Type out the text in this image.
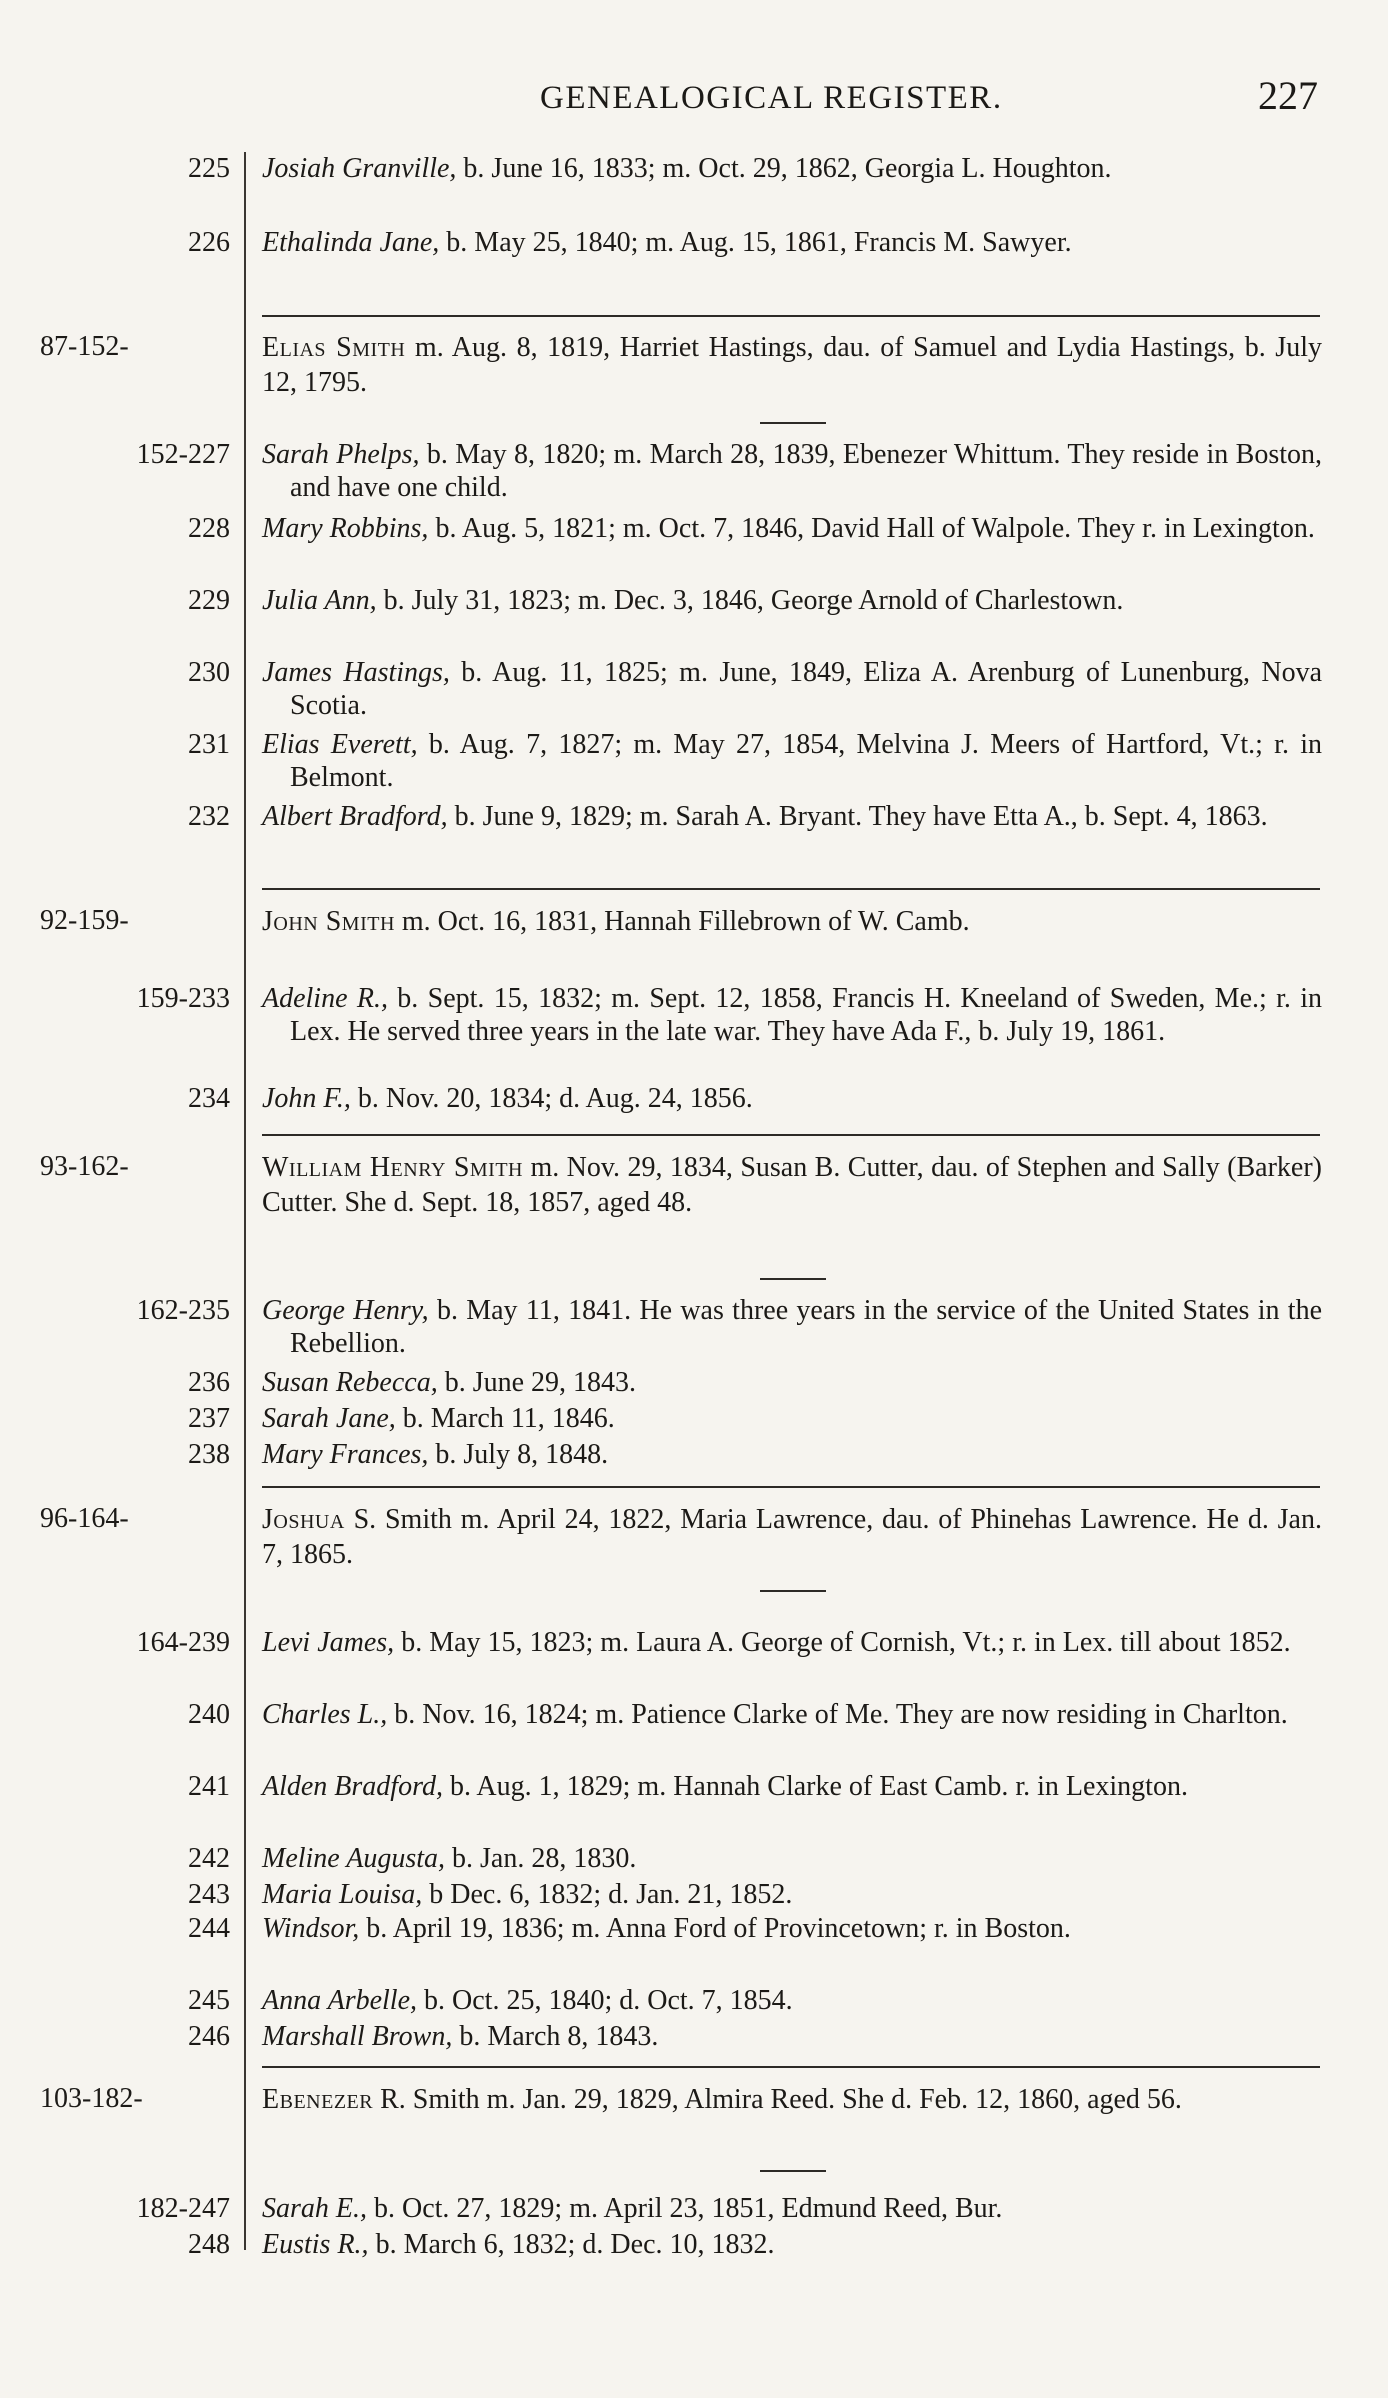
GENEALOGICAL REGISTER.	227
225 Josiah Granville, b. June 16, 1833; m. Oct. 29, 1862, Georgia L. Houghton.

226 Ethalinda Jane, b. May 25, 1840; m. Aug. 15, 1861, Francis M. Sawyer.

87-152-	Elias Smith m. Aug. 8, 1819, Harriet Hastings, dau. of Samuel and Lydia Hastings, b. July 12, 1795.

152-227 Sarah Phelps, b. May 8, 1820; m. March 28, 1839, Ebenezer Whittum. They reside in Boston, and have one child.

228 Mary Robbins, b. Aug. 5, 1821; m. Oct. 7, 1846, David Hall of Walpole. They r. in Lexington.

229 Julia Ann, b. July 31, 1823; m. Dec. 3, 1846, George Arnold of Charlestown.

230 James Hastings, b. Aug. 11, 1825; m. June, 1849, Eliza A. Arenburg of Lunenburg, Nova Scotia.

231 Elias Everett, b. Aug. 7, 1827; m. May 27, 1854, Melvina J. Meers of Hartford, Vt.; r. in Belmont.

232 Albert Bradford, b. June 9, 1829; m. Sarah A. Bryant. They have Etta A., b. Sept. 4, 1863.

92-159-	John Smith m. Oct. 16, 1831, Hannah Fillebrown of W. Camb.

159-233 Adeline R., b. Sept. 15, 1832; m. Sept. 12, 1858, Francis H. Kneeland of Sweden, Me.; r. in Lex. He served three years in the late war. They have Ada F., b. July 19, 1861.

234 John F., b. Nov. 20, 1834; d. Aug. 24, 1856.

93-162-	William Henry Smith m. Nov. 29, 1834, Susan B. Cutter, dau. of Stephen and Sally (Barker) Cutter. She d. Sept. 18, 1857, aged 48.

162-235 George Henry, b. May 11, 1841. He was three years in the service of the United States in the Rebellion.

236 Susan Rebecca, b. June 29, 1843.

237 Sarah Jane, b. March 11, 1846.

238 Mary Frances, b. July 8, 1848.

96-164-	Joshua S. Smith m. April 24, 1822, Maria Lawrence, dau. of Phinehas Lawrence. He d. Jan. 7, 1865.

164-239 Levi James, b. May 15, 1823; m. Laura A. George of Cornish, Vt.; r. in Lex. till about 1852.

240 Charles L., b. Nov. 16, 1824; m. Patience Clarke of Me. They are now residing in Charlton.

241 Alden Bradford, b. Aug. 1, 1829; m. Hannah Clarke of East Camb. r. in Lexington.

242 Meline Augusta, b. Jan. 28, 1830.

243 Maria Louisa, b Dec. 6, 1832; d. Jan. 21, 1852.

244 Windsor, b. April 19, 1836; m. Anna Ford of Provincetown; r. in Boston.

245 Anna Arbelle, b. Oct. 25, 1840; d. Oct. 7, 1854.

246 Marshall Brown, b. March 8, 1843.

103-182-	Ebenezer R. Smith m. Jan. 29, 1829, Almira Reed. She d. Feb. 12, 1860, aged 56.

182-247 Sarah E., b. Oct. 27, 1829; m. April 23, 1851, Edmund Reed, Bur.

248 Eustis R., b. March 6, 1832; d. Dec. 10, 1832.
